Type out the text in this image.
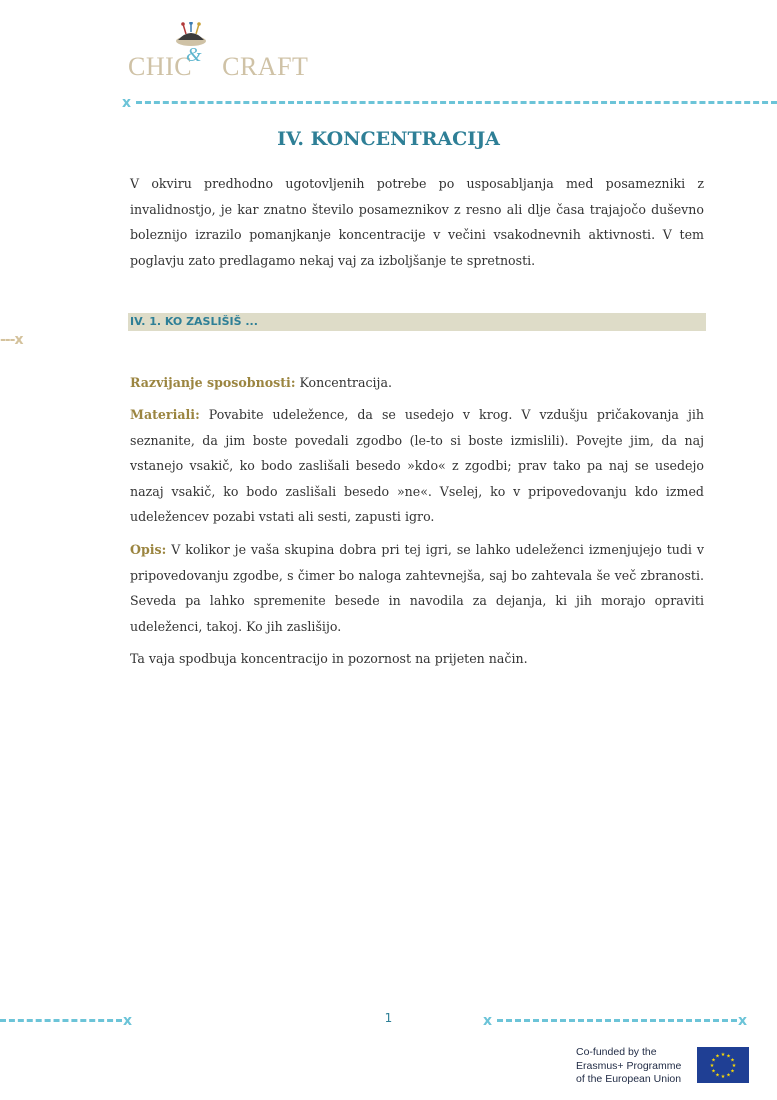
CHIC CRAFT
&
x
IV. KONCENTRACIJA
V okviru predhodno ugotovljenih potrebe po usposabljanja med posamezniki z invalidnostjo, je kar znatno število posameznikov z resno ali dlje časa trajajočo duševno boleznijo izrazilo pomanjkanje koncentracije v večini vsakodnevnih aktivnosti. V tem poglavju zato predlagamo nekaj vaj za izboljšanje te spretnosti.
---x
IV. 1. KO ZASLIŠIŠ ...
Razvijanje sposobnosti: Koncentracija.
Materiali: Povabite udeležence, da se usedejo v krog. V vzdušju pričakovanja jih seznanite, da jim boste povedali zgodbo (le-to si boste izmislili). Povejte jim, da naj vstanejo vsakič, ko bodo zaslišali besedo »kdo« z zgodbi; prav tako pa naj se usedejo nazaj vsakič, ko bodo zaslišali besedo »ne«. Vselej, ko v pripovedovanju kdo izmed udeležencev pozabi vstati ali sesti, zapusti igro.
Opis: V kolikor je vaša skupina dobra pri tej igri, se lahko udeleženci izmenjujejo tudi v pripovedovanju zgodbe, s čimer bo naloga zahtevnejša, saj bo zahtevala še več zbranosti. Seveda pa lahko spremenite besede in navodila za dejanja, ki jih morajo opraviti udeleženci, takoj. Ko jih zaslišijo.
Ta vaja spodbuja koncentracijo in pozornost na prijeten način.
x	1	x	x
Co-funded by the
Erasmus+ Programme
of the European Union
★
★
★
★
★
★
★
★
★ ★ ★
★
